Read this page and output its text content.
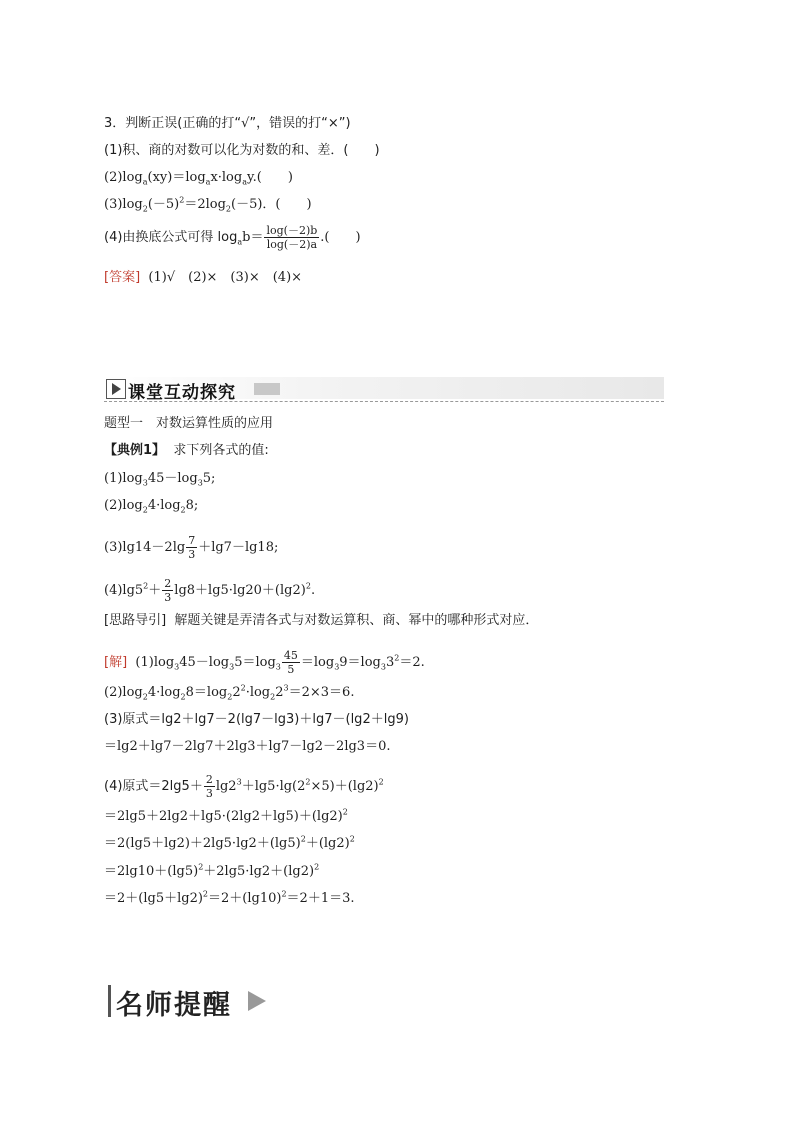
3．判断正误(正确的打“√”，错误的打“×”)
(1)积、商的对数可以化为对数的和、差．(　　)
$(2)\log_a(xy)=\log_ax\cdot\log_ay$.(　　)
$(3)\log_2(-5)^2=2\log_2(-5)$．(　　)
(4)由换底公式可得 $\log_ab= \frac{\log(-2)b}{\log(-2)a}$ .(　　)
[答案] (1)√　(2)×　(3)×　(4)×
课堂互动探究
题型一　对数运算性质的应用
【典例1】 求下列各式的值:
$(1)\log_345-\log_35$;
$(2)\log_24\cdot\log_28$;
$(3)\lg 14-2\lg \frac{7}{3} +\lg 7-\lg 18$;
$(4)\lg 5^2+ \frac{2}{3} \lg 8+\lg 5\cdot\lg 20+(\lg 2)^2$.
[思路导引] 解题关键是弄清各式与对数运算积、商、幂中的哪种形式对应．
[解] $(1)\log_345-\log_35=\log_3 \frac{45}{5} =\log_39=\log_33^2=2$.
$(2)\log_24\cdot\log_28=\log_22^2\cdot\log_22^3=2\times 3=6$.
(3)原式＝lg2＋lg7－2(lg7－lg3)＋lg7－(lg2＋lg9)
＝lg2＋lg7－2lg7＋2lg3＋lg7－lg2－2lg3＝0.
(4)原式$=2\lg 5+ \frac{2}{3} \lg 2^3+\lg 5\cdot\lg(2^2\times 5)+(\lg 2)^2$
$=2\lg 5+2\lg 2+\lg 5\cdot(2\lg 2+\lg 5)+(\lg 2)^2$
$=2(\lg 5+\lg 2)+2\lg 5\cdot\lg 2+(\lg 5)^2+(\lg 2)^2$
$=2\lg 10+(\lg 5)^2+2\lg 5\cdot\lg 2+(\lg 2)^2$
$=2+(\lg 5+\lg 2)^2=2+(\lg 10)^2=2+1=3$.
名师提醒
